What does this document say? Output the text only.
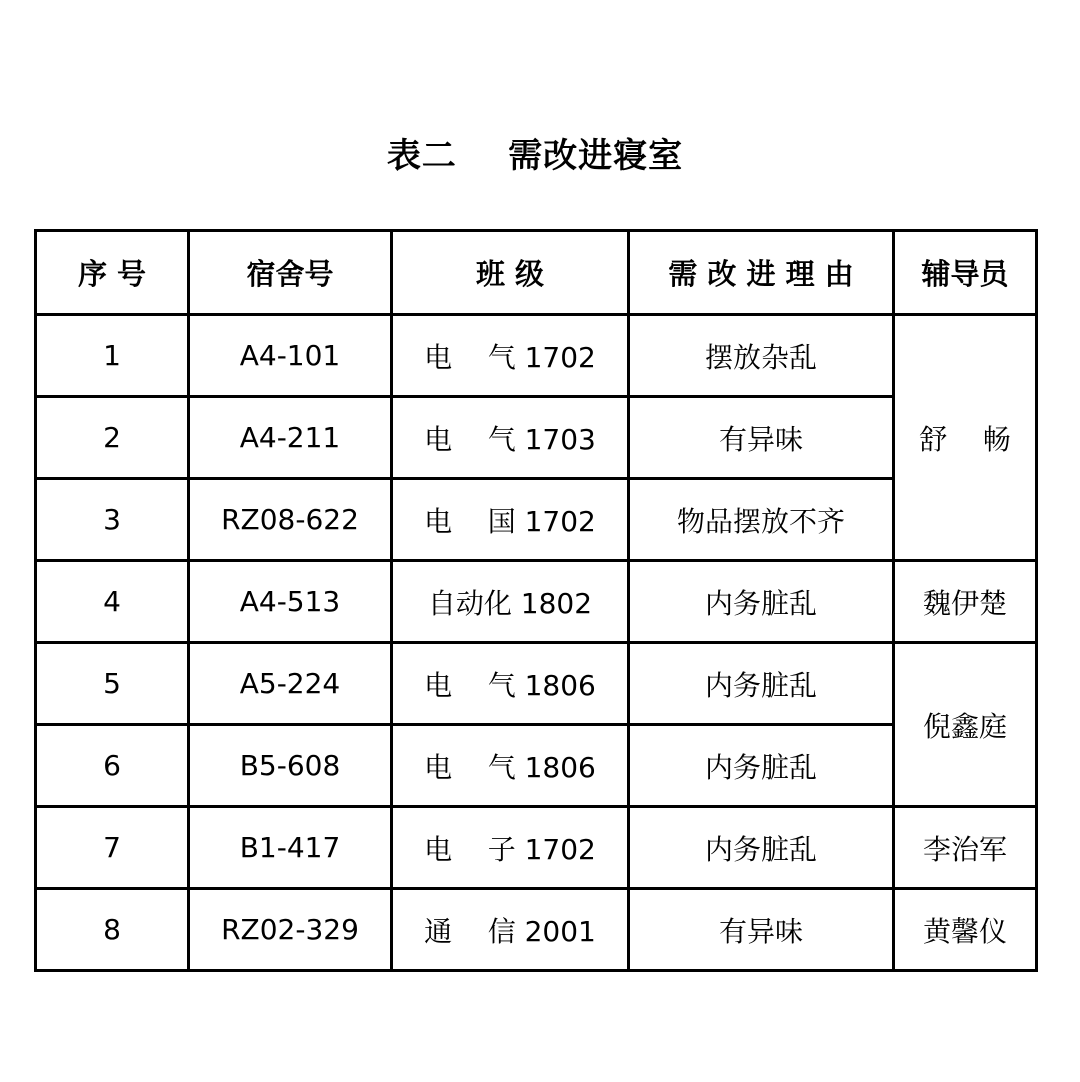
表二    需改进寝室
序 号	宿舍号	班 级	需 改 进 理 由	辅导员
1	A4-101	电    气 1702	摆放杂乱	舒    畅
2	A4-211	电    气 1703	有异味	
3	RZ08-622	电    国 1702	物品摆放不齐	
4	A4-513	自动化 1802	内务脏乱	魏伊楚
5	A5-224	电    气 1806	内务脏乱	倪鑫庭
6	B5-608	电    气 1806	内务脏乱	
7	B1-417	电    子 1702	内务脏乱	李治军
8	RZ02-329	通    信 2001	有异味	黄馨仪
